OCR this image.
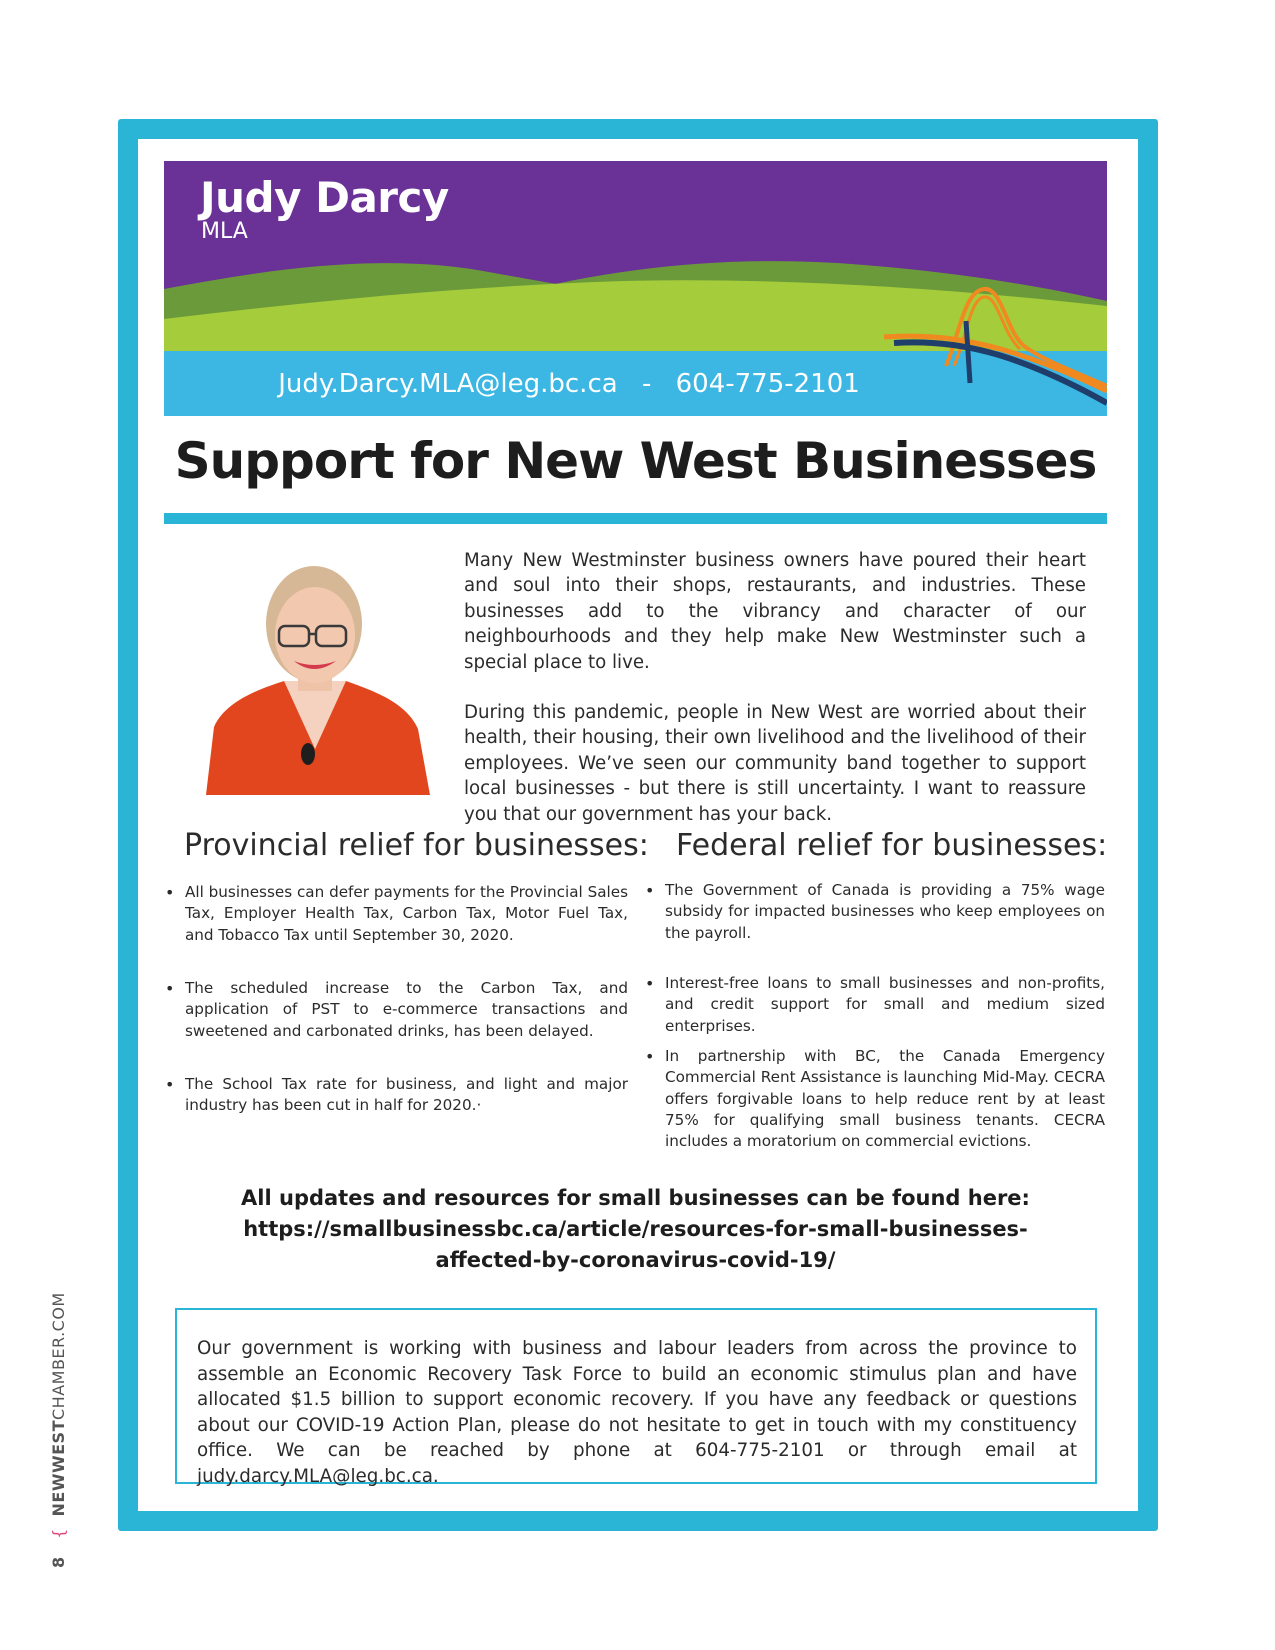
Judy Darcy
MLA
Judy.Darcy.MLA@leg.bc.ca - 604-775-2101
Support for New West Businesses

Many New Westminster business owners have poured their heart and soul into their shops, restaurants, and industries. These businesses add to the vibrancy and character of our neighbourhoods and they help make New Westminster such a special place to live.

During this pandemic, people in New West are worried about their health, their housing, their own livelihood and the livelihood of their employees. We’ve seen our community band together to support local businesses - but there is still uncertainty. I want to reassure you that our government has your back.

Provincial relief for businesses: Federal relief for businesses:
• All businesses can defer payments for the Provincial Sales Tax, Employer Health Tax, Carbon Tax, Motor Fuel Tax, and Tobacco Tax until September 30, 2020.
• The scheduled increase to the Carbon Tax, and application of PST to e-commerce transactions and sweetened and carbonated drinks, has been delayed.
• The School Tax rate for business, and light and major industry has been cut in half for 2020.·
• The Government of Canada is providing a 75% wage subsidy for impacted businesses who keep employees on the payroll.
• Interest-free loans to small businesses and non-profits, and credit support for small and medium sized enterprises.
• In partnership with BC, the Canada Emergency Commercial Rent Assistance is launching Mid-May. CECRA offers forgivable loans to help reduce rent by at least 75% for qualifying small business tenants. CECRA includes a moratorium on commercial evictions.
All updates and resources for small businesses can be found here:
https://smallbusinessbc.ca/article/resources-for-small-businesses-affected-by-coronavirus-covid-19/
Our government is working with business and labour leaders from across the province to assemble an Economic Recovery Task Force to build an economic stimulus plan and have allocated $1.5 billion to support economic recovery. If you have any feedback or questions about our COVID-19 Action Plan, please do not hesitate to get in touch with my constituency office. We can be reached by phone at 604-775-2101 or through email at judy.darcy.MLA@leg.bc.ca.
8 { NEWWESTCHAMBER.COM
